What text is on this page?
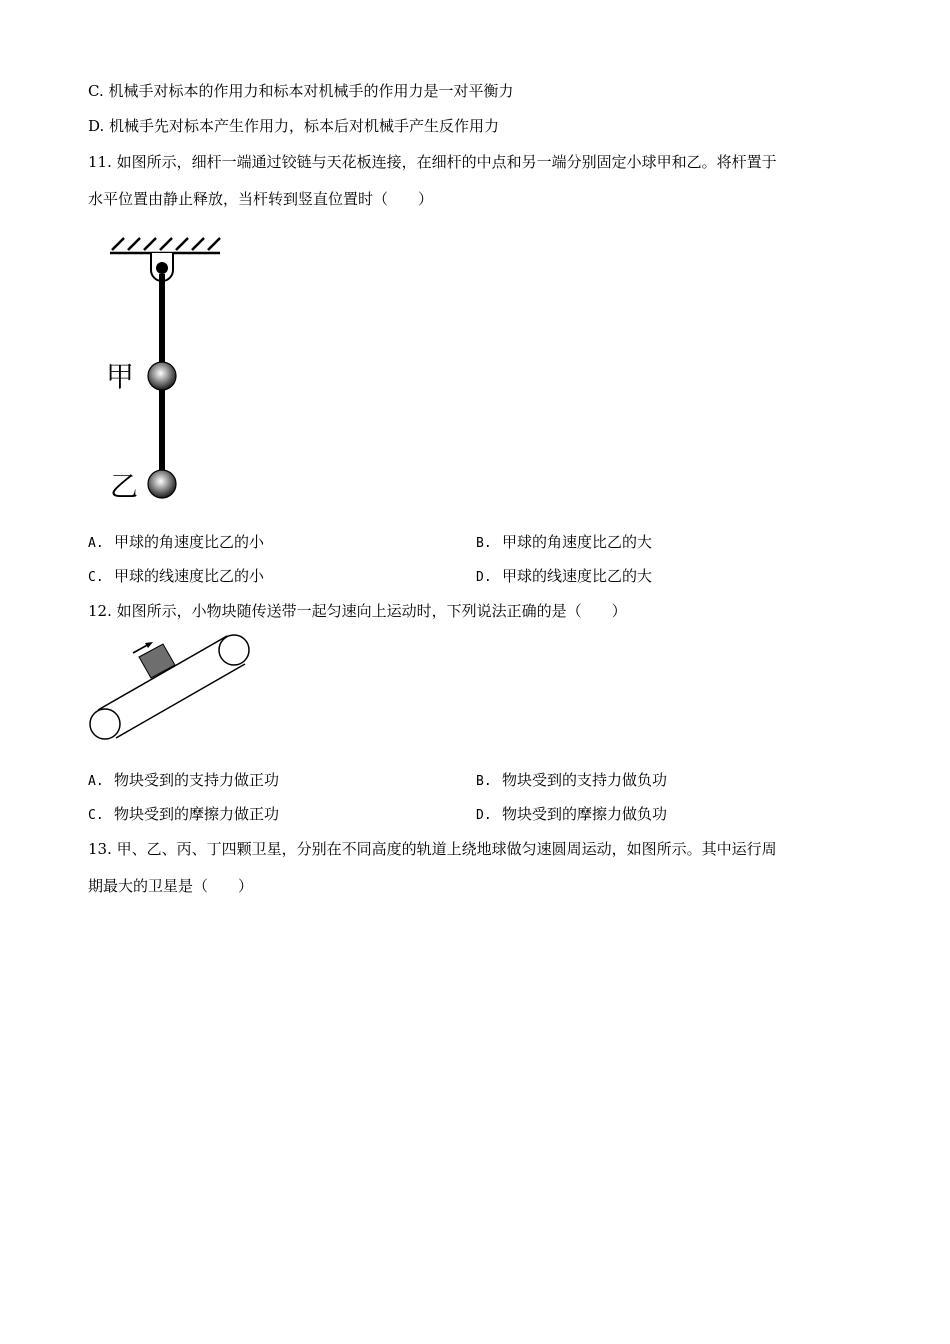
C. 机械手对标本的作用力和标本对机械手的作用力是一对平衡力
D. 机械手先对标本产生作用力，标本后对机械手产生反作用力
11. 如图所示，细杆一端通过铰链与天花板连接，在细杆的中点和另一端分别固定小球甲和乙。将杆置于
水平位置由静止释放，当杆转到竖直位置时（　　）
甲
乙
A. 甲球的角速度比乙的小	B. 甲球的角速度比乙的大
C. 甲球的线速度比乙的小	D. 甲球的线速度比乙的大
12. 如图所示，小物块随传送带一起匀速向上运动时，下列说法正确的是（　　）
A. 物块受到的支持力做正功	B. 物块受到的支持力做负功
C. 物块受到的摩擦力做正功	D. 物块受到的摩擦力做负功
13. 甲、乙、丙、丁四颗卫星，分别在不同高度的轨道上绕地球做匀速圆周运动，如图所示。其中运行周
期最大的卫星是（　　）
